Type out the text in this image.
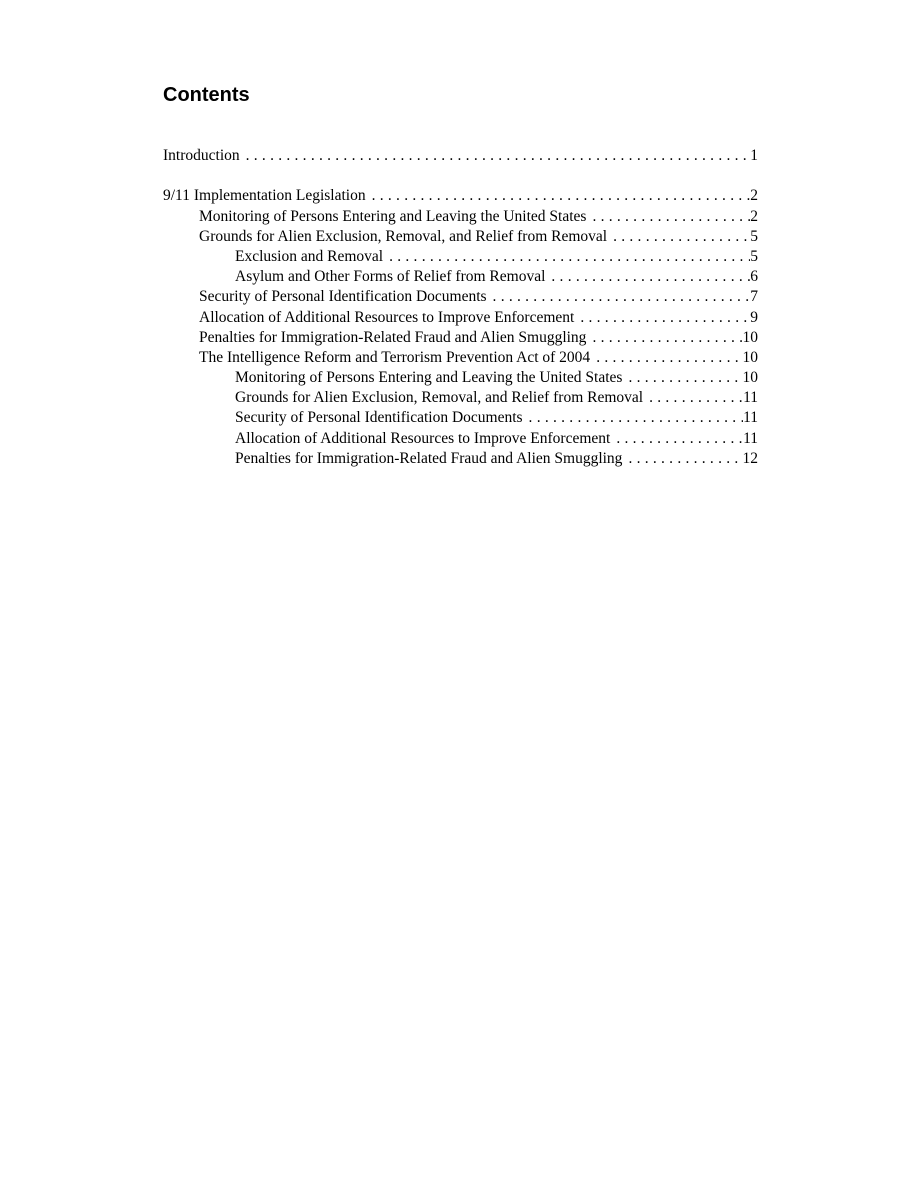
Contents
Introduction . . .	1
9/11 Implementation Legislation . . .	2
Monitoring of Persons Entering and Leaving the United States . . .	2
Grounds for Alien Exclusion, Removal, and Relief from Removal . . .	5
Exclusion and Removal . . .	5
Asylum and Other Forms of Relief from Removal . . .	6
Security of Personal Identification Documents . . .	7
Allocation of Additional Resources to Improve Enforcement . . .	9
Penalties for Immigration-Related Fraud and Alien Smuggling . . .	10
The Intelligence Reform and Terrorism Prevention Act of 2004 . . .	10
Monitoring of Persons Entering and Leaving the United States . . .	10
Grounds for Alien Exclusion, Removal, and Relief from Removal . . .	11
Security of Personal Identification Documents . . .	11
Allocation of Additional Resources to Improve Enforcement . . .	11
Penalties for Immigration-Related Fraud and Alien Smuggling . . .	12
